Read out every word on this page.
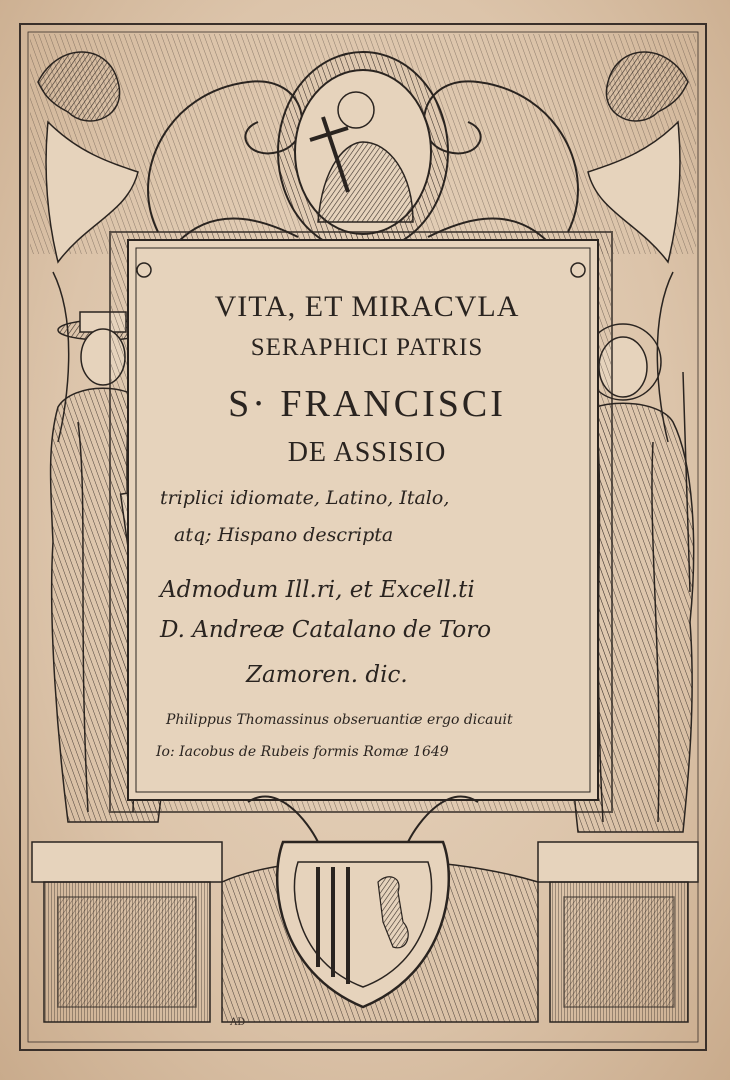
VITA, ET MIRACVLA
SERAPHICI PATRIS
S· FRANCISCI
DE ASSISIO
triplici idiomate, Latino, Italo,
atq; Hispano descripta
Admodum Ill.ri, et Excell.ti
D. Andreæ Catalano de Toro
Zamoren. dic.
Philippus Thomassinus obseruantiæ ergo dicauit
Io: Iacobus de Rubeis formis Romæ 1649
AD
